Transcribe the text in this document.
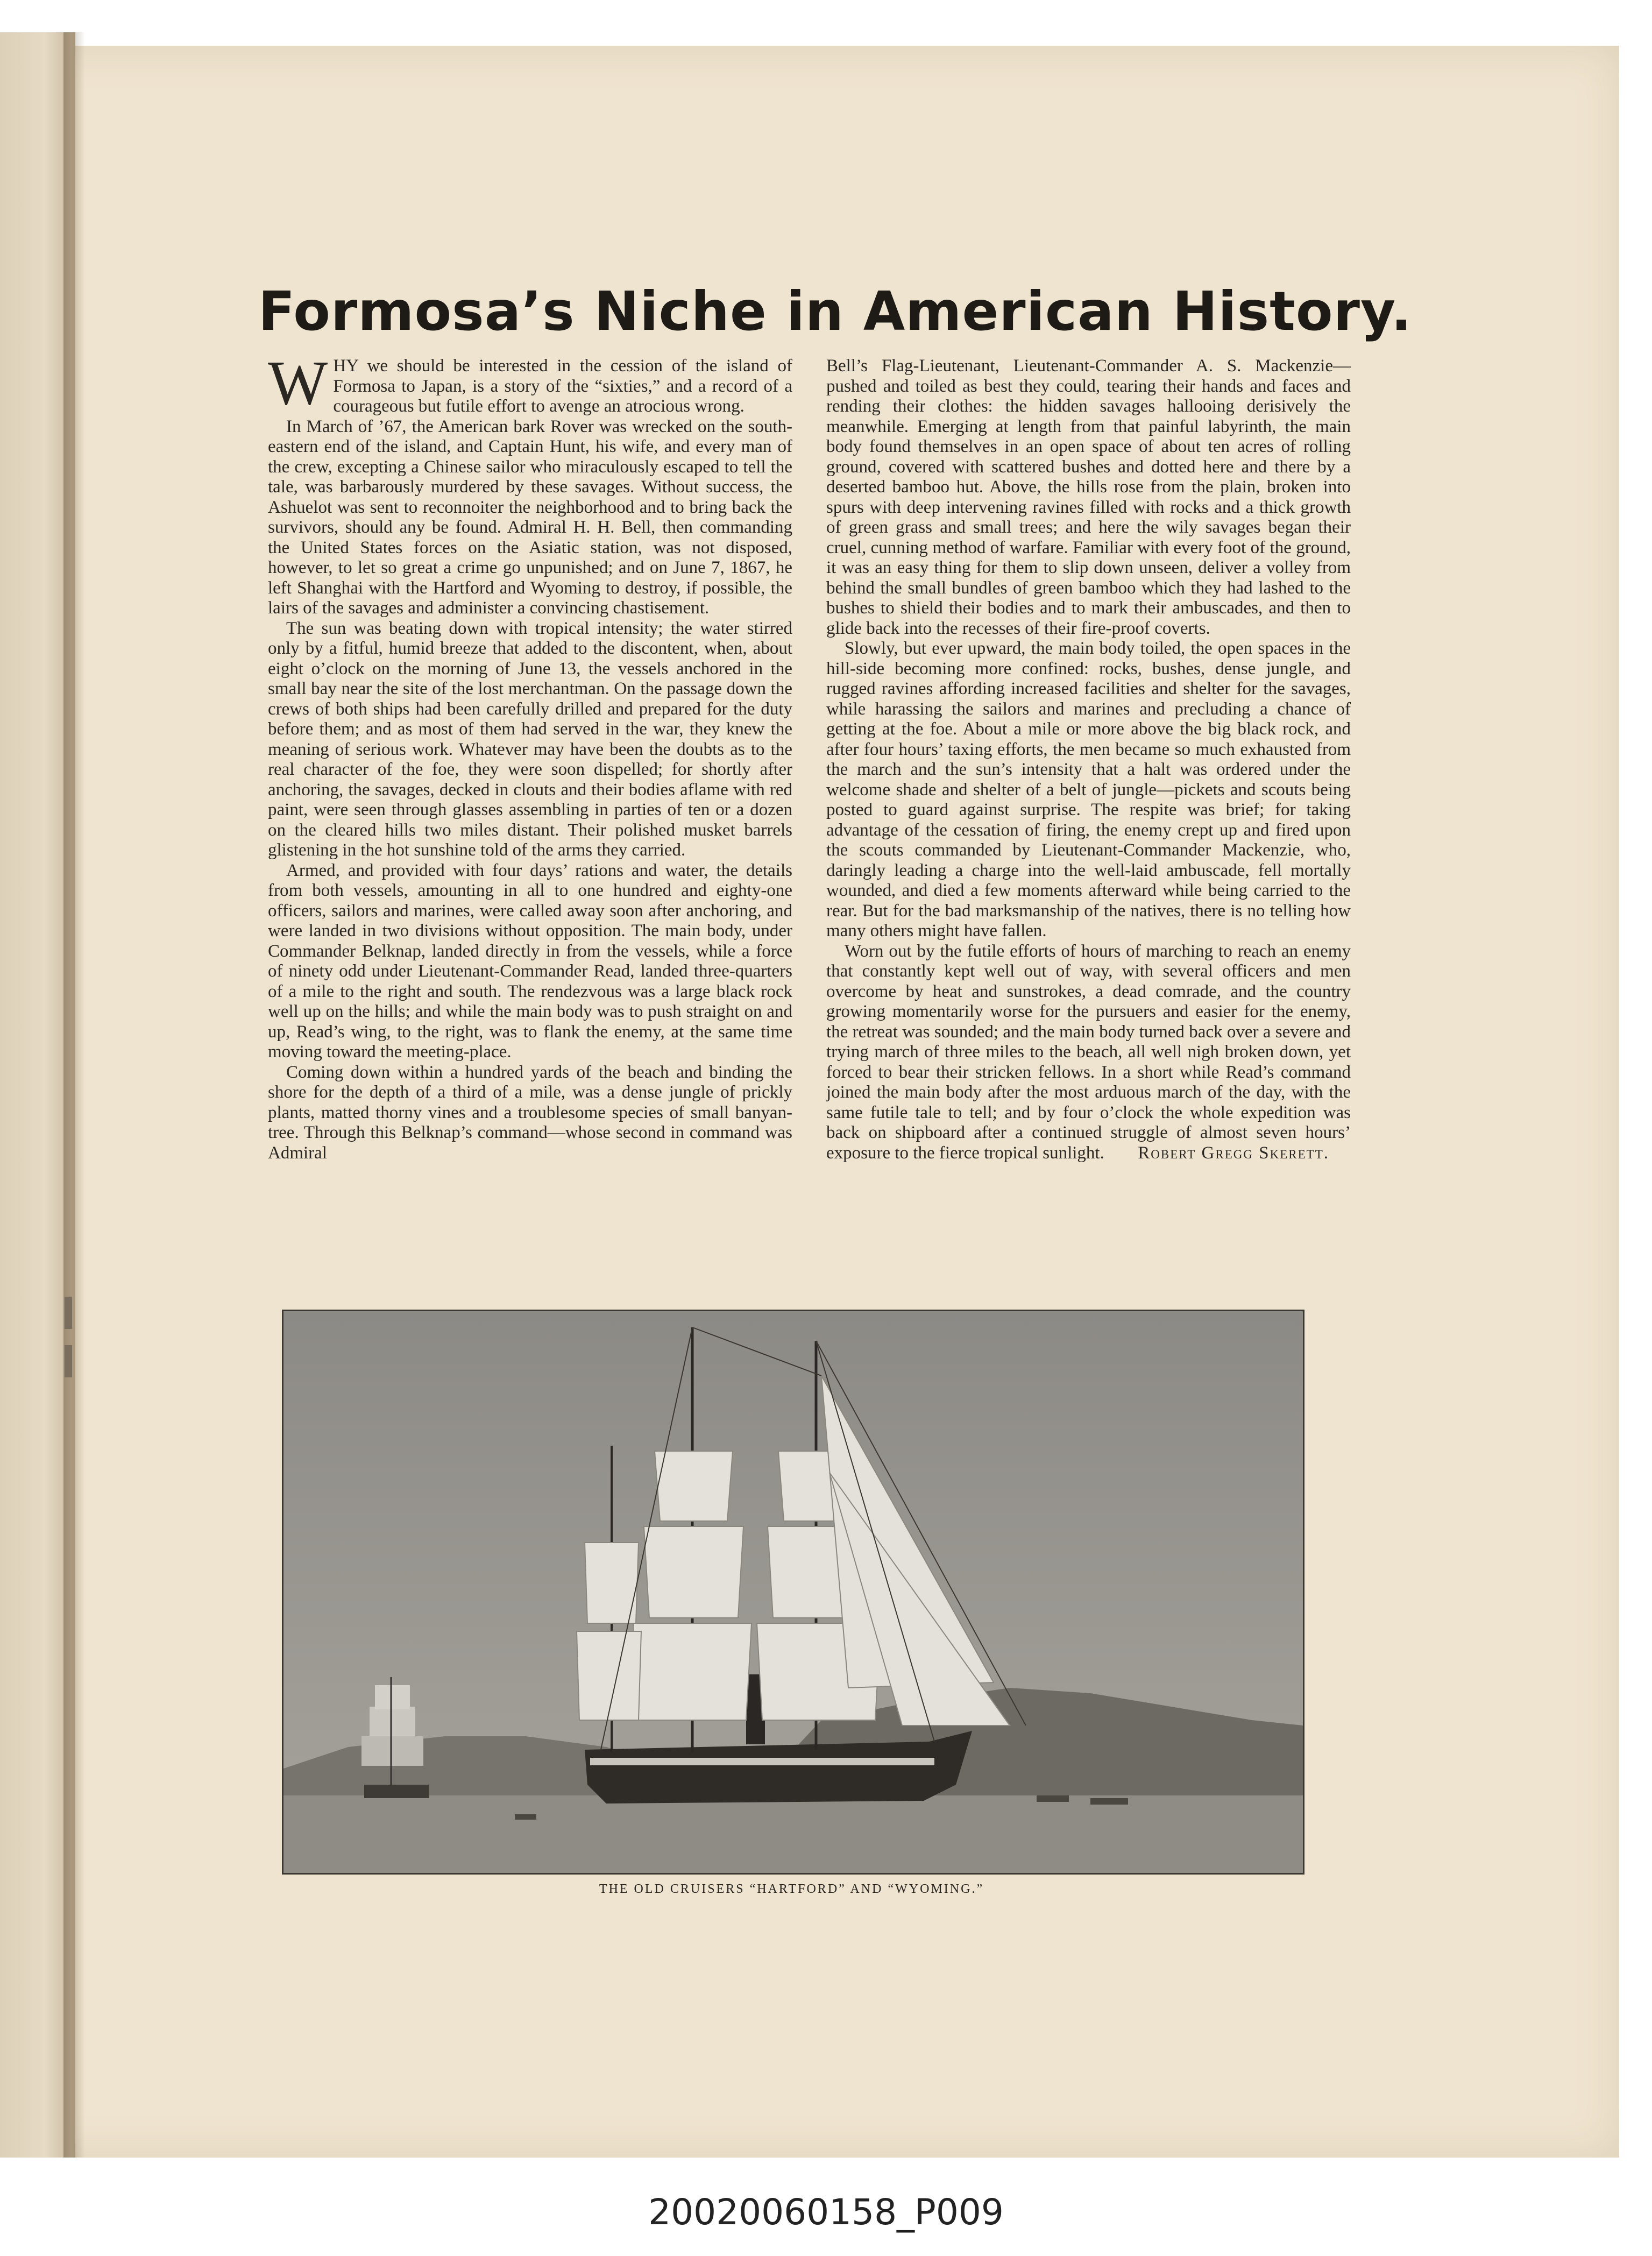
Formosa’s Niche in American History.

WHY we should be interested in the cession of the island of Formosa to Japan, is a story of the “sixties,” and a record of a courageous but futile effort to avenge an atrocious wrong.

In March of ’67, the American bark Rover was wrecked on the south-eastern end of the island, and Captain Hunt, his wife, and every man of the crew, excepting a Chinese sailor who miraculously escaped to tell the tale, was barbarously murdered by these savages. Without success, the Ashuelot was sent to reconnoiter the neighborhood and to bring back the survivors, should any be found. Admiral H. H. Bell, then commanding the United States forces on the Asiatic station, was not disposed, however, to let so great a crime go unpunished; and on June 7, 1867, he left Shanghai with the Hartford and Wyoming to destroy, if possible, the lairs of the savages and administer a convincing chastisement.

The sun was beating down with tropical intensity; the water stirred only by a fitful, humid breeze that added to the discontent, when, about eight o’clock on the morning of June 13, the vessels anchored in the small bay near the site of the lost merchantman. On the passage down the crews of both ships had been carefully drilled and prepared for the duty before them; and as most of them had served in the war, they knew the meaning of serious work. Whatever may have been the doubts as to the real character of the foe, they were soon dispelled; for shortly after anchoring, the savages, decked in clouts and their bodies aflame with red paint, were seen through glasses assembling in parties of ten or a dozen on the cleared hills two miles distant. Their polished musket barrels glistening in the hot sunshine told of the arms they carried.

Armed, and provided with four days’ rations and water, the details from both vessels, amounting in all to one hundred and eighty-one officers, sailors and marines, were called away soon after anchoring, and were landed in two divisions without opposition. The main body, under Commander Belknap, landed directly in from the vessels, while a force of ninety odd under Lieutenant-Commander Read, landed three-quarters of a mile to the right and south. The rendezvous was a large black rock well up on the hills; and while the main body was to push straight on and up, Read’s wing, to the right, was to flank the enemy, at the same time moving toward the meeting-place.

Coming down within a hundred yards of the beach and binding the shore for the depth of a third of a mile, was a dense jungle of prickly plants, matted thorny vines and a troublesome species of small banyan-tree. Through this Belknap’s command—whose second in command was Admiral

Bell’s Flag-Lieutenant, Lieutenant-Commander A. S. Mackenzie—pushed and toiled as best they could, tearing their hands and faces and rending their clothes: the hidden savages hallooing derisively the meanwhile. Emerging at length from that painful labyrinth, the main body found themselves in an open space of about ten acres of rolling ground, covered with scattered bushes and dotted here and there by a deserted bamboo hut. Above, the hills rose from the plain, broken into spurs with deep intervening ravines filled with rocks and a thick growth of green grass and small trees; and here the wily savages began their cruel, cunning method of warfare. Familiar with every foot of the ground, it was an easy thing for them to slip down unseen, deliver a volley from behind the small bundles of green bamboo which they had lashed to the bushes to shield their bodies and to mark their ambuscades, and then to glide back into the recesses of their fire-proof coverts.

Slowly, but ever upward, the main body toiled, the open spaces in the hill-side becoming more confined: rocks, bushes, dense jungle, and rugged ravines affording increased facilities and shelter for the savages, while harassing the sailors and marines and precluding a chance of getting at the foe. About a mile or more above the big black rock, and after four hours’ taxing efforts, the men became so much exhausted from the march and the sun’s intensity that a halt was ordered under the welcome shade and shelter of a belt of jungle—pickets and scouts being posted to guard against surprise. The respite was brief; for taking advantage of the cessation of firing, the enemy crept up and fired upon the scouts commanded by Lieutenant-Commander Mackenzie, who, daringly leading a charge into the well-laid ambuscade, fell mortally wounded, and died a few moments afterward while being carried to the rear. But for the bad marksmanship of the natives, there is no telling how many others might have fallen.

Worn out by the futile efforts of hours of marching to reach an enemy that constantly kept well out of way, with several officers and men overcome by heat and sunstrokes, a dead comrade, and the country growing momentarily worse for the pursuers and easier for the enemy, the retreat was sounded; and the main body turned back over a severe and trying march of three miles to the beach, all well nigh broken down, yet forced to bear their stricken fellows. In a short while Read’s command joined the main body after the most arduous march of the day, with the same futile tale to tell; and by four o’clock the whole expedition was back on shipboard after a continued struggle of almost seven hours’ exposure to the fierce tropical sunlight.	Robert Gregg Skerett.

THE OLD CRUISERS “HARTFORD” AND “WYOMING.”
20020060158_P009
